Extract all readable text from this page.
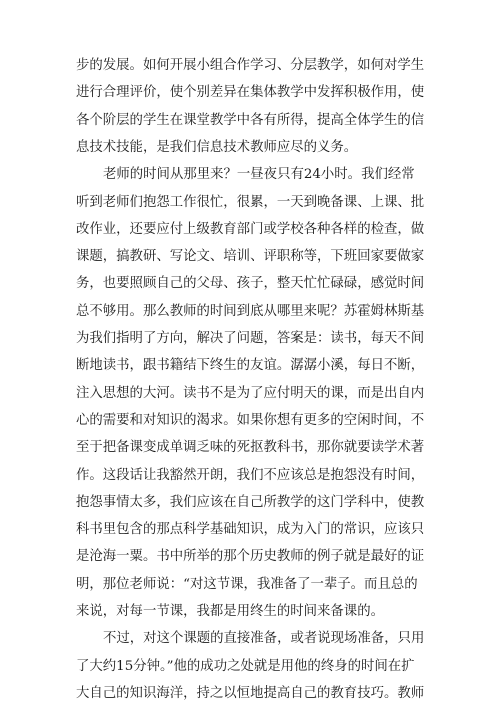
步的发展。如何开展小组合作学习、分层教学，如何对学生
进行合理评价，使个别差异在集体教学中发挥积极作用，使
各个阶层的学生在课堂教学中各有所得，提高全体学生的信
息技术技能，是我们信息技术教师应尽的义务。
老师的时间从那里来？一昼夜只有24小时。我们经常
听到老师们抱怨工作很忙，很累，一天到晚备课、上课、批
改作业，还要应付上级教育部门或学校各种各样的检查，做
课题，搞教研、写论文、培训、评职称等，下班回家要做家
务，也要照顾自己的父母、孩子，整天忙忙碌碌，感觉时间
总不够用。那么教师的时间到底从哪里来呢？苏霍姆林斯基
为我们指明了方向，解决了问题，答案是：读书，每天不间
断地读书，跟书籍结下终生的友谊。潺潺小溪，每日不断，
注入思想的大河。读书不是为了应付明天的课，而是出自内
心的需要和对知识的渴求。如果你想有更多的空闲时间，不
至于把备课变成单调乏味的死抠教科书，那你就要读学术著
作。这段话让我豁然开朗，我们不应该总是抱怨没有时间，
抱怨事情太多，我们应该在自己所教学的这门学科中，使教
科书里包含的那点科学基础知识，成为入门的常识，应该只
是沧海一粟。书中所举的那个历史教师的例子就是最好的证
明，那位老师说：“对这节课，我准备了一辈子。而且总的
来说，对每一节课，我都是用终生的时间来备课的。
不过，对这个课题的直接准备，或者说现场准备，只用
了大约15分钟。”他的成功之处就是用他的终身的时间在扩
大自己的知识海洋，持之以恒地提高自己的教育技巧。教师
